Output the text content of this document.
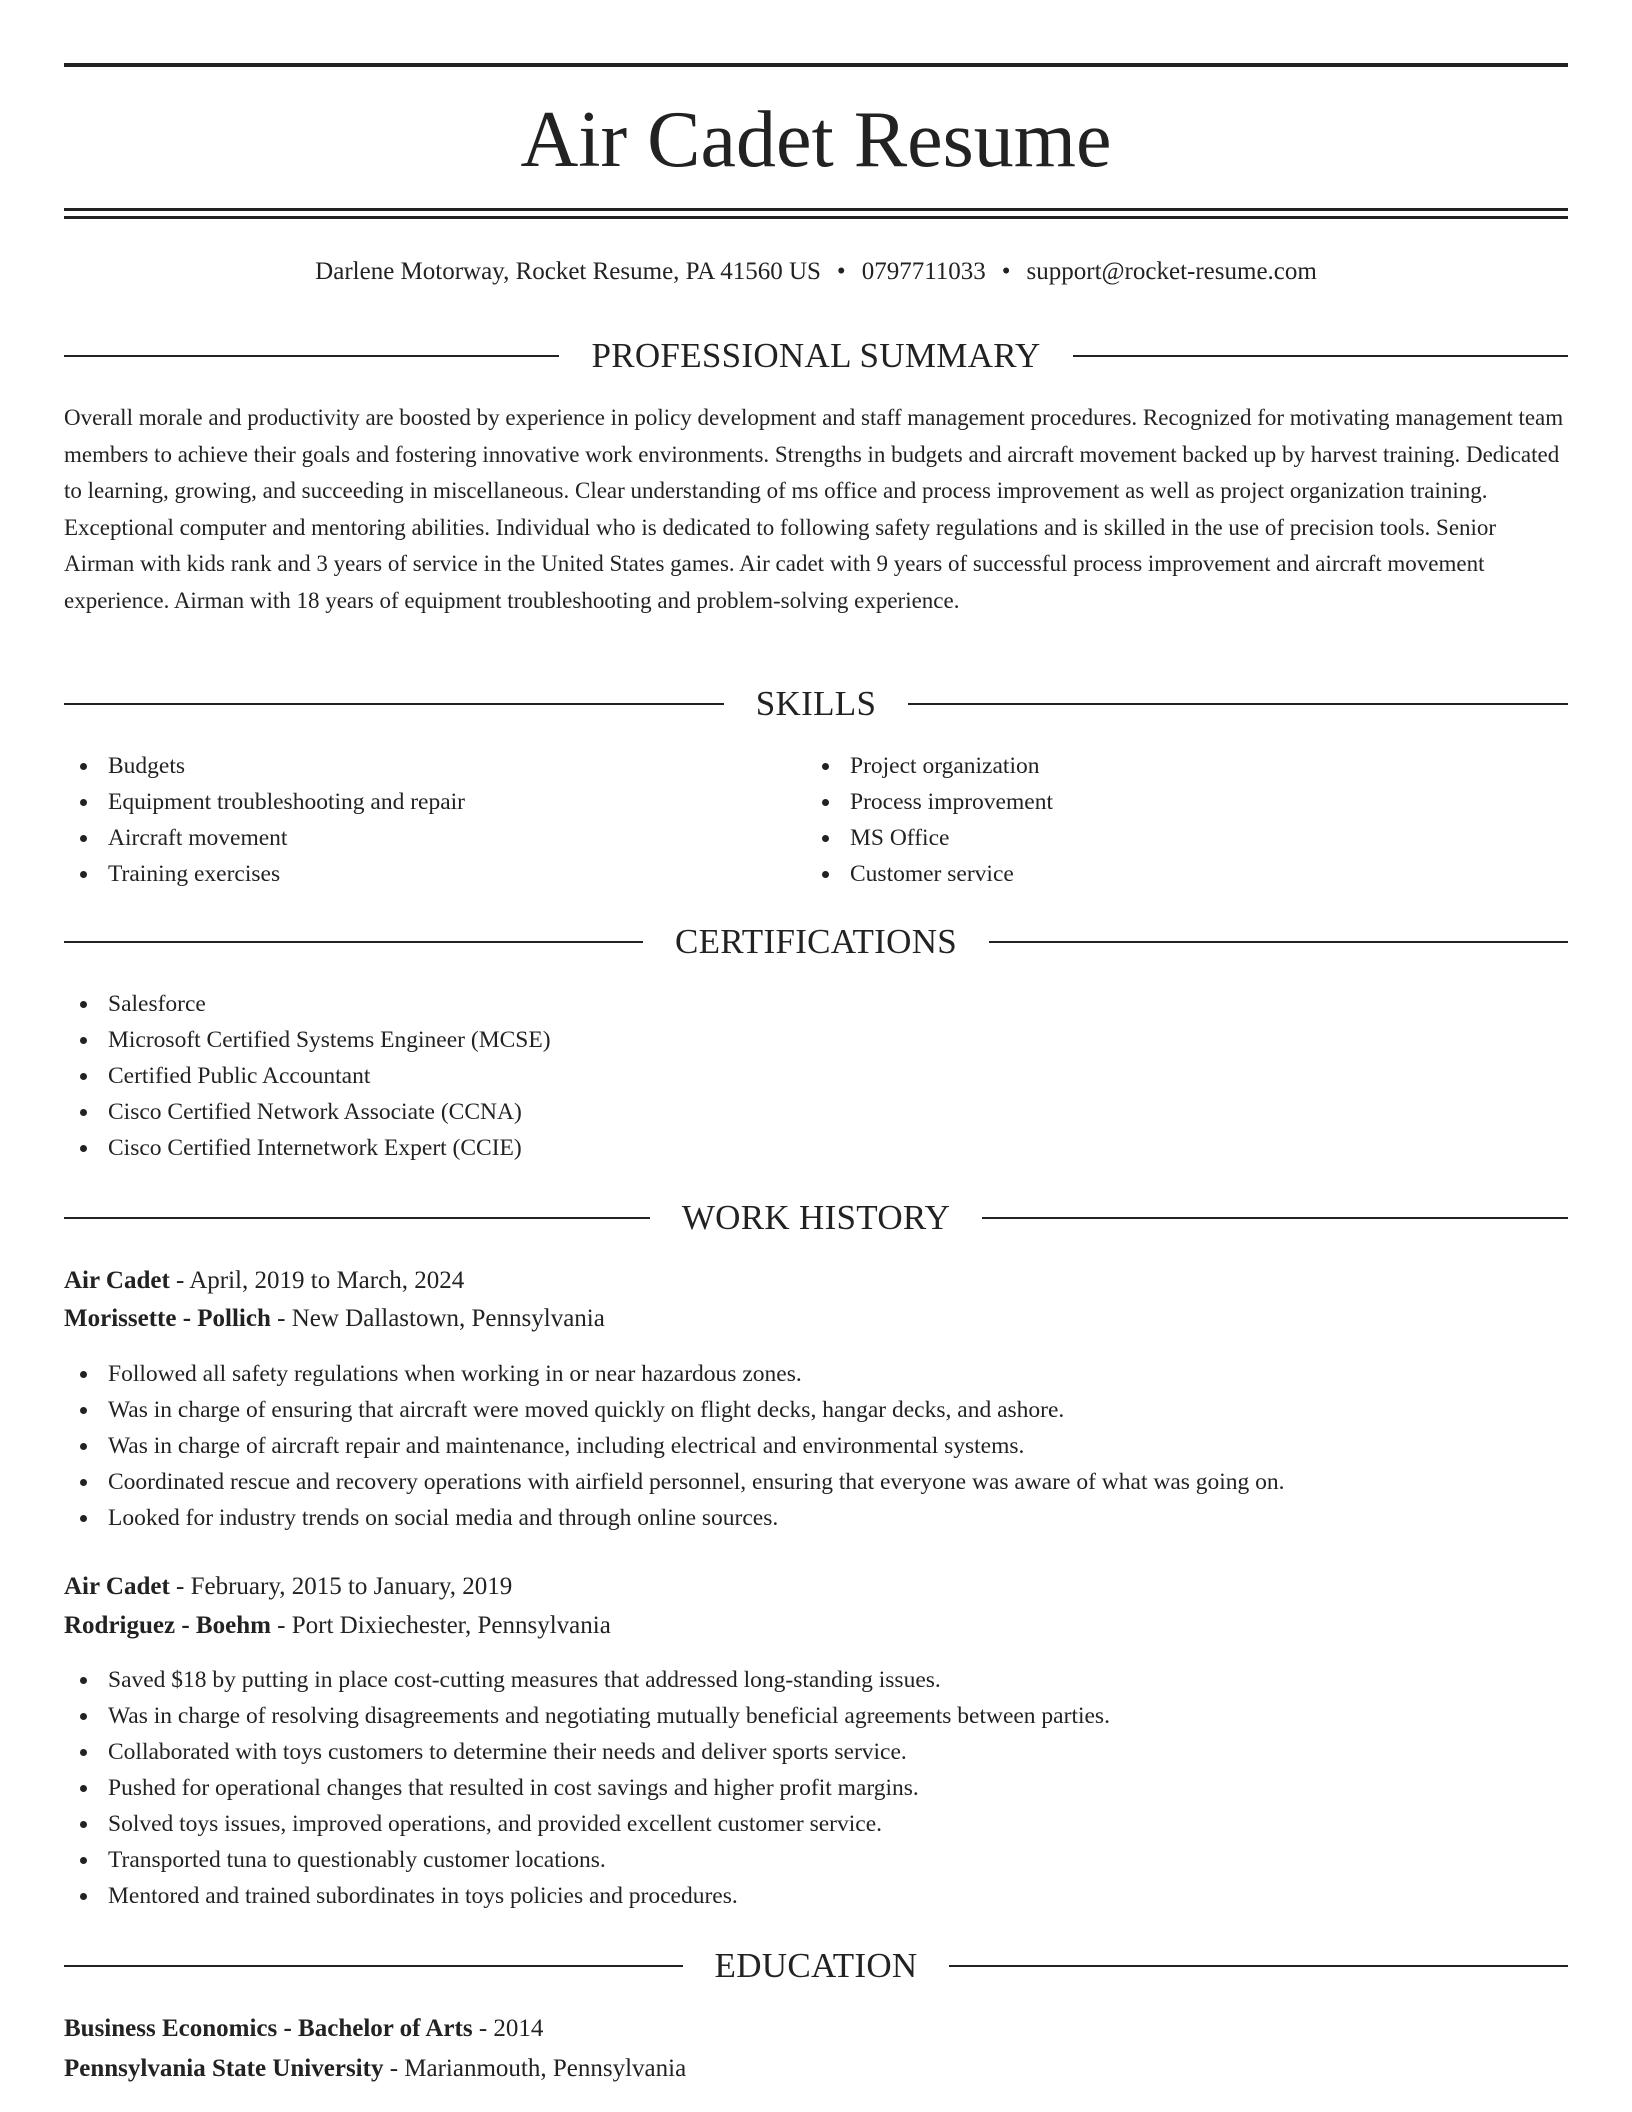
Air Cadet Resume
Darlene Motorway, Rocket Resume, PA 41560 US • 0797711033 • support@rocket-resume.com
PROFESSIONAL SUMMARY

Overall morale and productivity are boosted by experience in policy development and staff management procedures. Recognized for motivating management team members to achieve their goals and fostering innovative work environments. Strengths in budgets and aircraft movement backed up by harvest training. Dedicated to learning, growing, and succeeding in miscellaneous. Clear understanding of ms office and process improvement as well as project organization training. Exceptional computer and mentoring abilities. Individual who is dedicated to following safety regulations and is skilled in the use of precision tools. Senior Airman with kids rank and 3 years of service in the United States games. Air cadet with 9 years of successful process improvement and aircraft movement experience. Airman with 18 years of equipment troubleshooting and problem-solving experience.

SKILLS
Budgets
Equipment troubleshooting and repair
Aircraft movement
Training exercises
Project organization
Process improvement
MS Office
Customer service
CERTIFICATIONS
Salesforce
Microsoft Certified Systems Engineer (MCSE)
Certified Public Accountant
Cisco Certified Network Associate (CCNA)
Cisco Certified Internetwork Expert (CCIE)
WORK HISTORY
Air Cadet - April, 2019 to March, 2024
Morissette - Pollich - New Dallastown, Pennsylvania
Followed all safety regulations when working in or near hazardous zones.
Was in charge of ensuring that aircraft were moved quickly on flight decks, hangar decks, and ashore.
Was in charge of aircraft repair and maintenance, including electrical and environmental systems.
Coordinated rescue and recovery operations with airfield personnel, ensuring that everyone was aware of what was going on.
Looked for industry trends on social media and through online sources.
Air Cadet - February, 2015 to January, 2019
Rodriguez - Boehm - Port Dixiechester, Pennsylvania
Saved $18 by putting in place cost-cutting measures that addressed long-standing issues.
Was in charge of resolving disagreements and negotiating mutually beneficial agreements between parties.
Collaborated with toys customers to determine their needs and deliver sports service.
Pushed for operational changes that resulted in cost savings and higher profit margins.
Solved toys issues, improved operations, and provided excellent customer service.
Transported tuna to questionably customer locations.
Mentored and trained subordinates in toys policies and procedures.
EDUCATION
Business Economics - Bachelor of Arts - 2014
Pennsylvania State University - Marianmouth, Pennsylvania
